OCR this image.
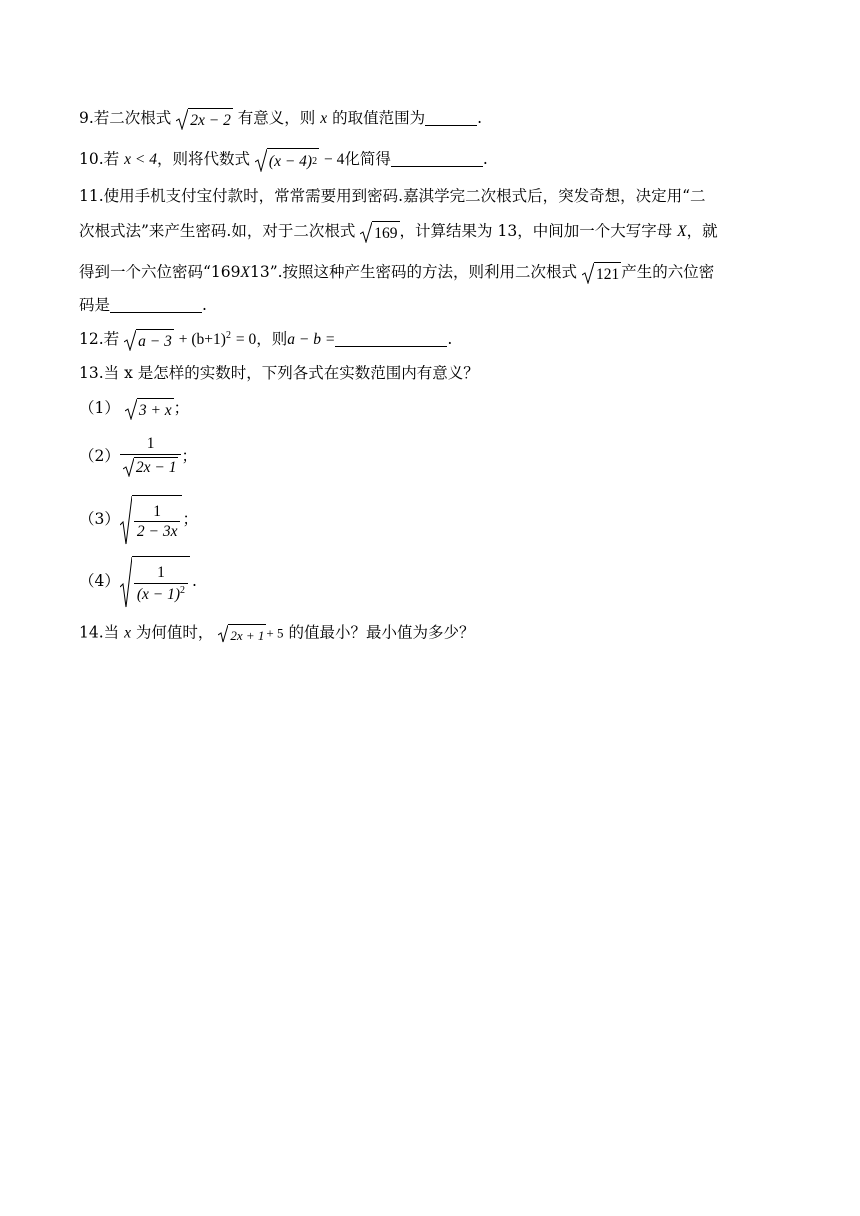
9.若二次根式 2x − 2 有意义，则 x 的取值范围为	.
10.若 x < 4，则将代数式 (x − 4) 2 − 4化简得	.
11.使用手机支付宝付款时，常常需要用到密码.嘉淇学完二次根式后，突发奇想，决定用“二
次根式法”来产生密码.如，对于二次根式 169 ，计算结果为 13，中间加一个大写字母 X，就
得到一个六位密码“169X13”.按照这种产生密码的方法，则利用二次根式 121 产生的六位密
码是	.
12.若 $a - 3 + (b+1)^2 = 0$，则a − b =	.
13.当 x 是怎样的实数时，下列各式在实数范围内有意义？
（1） 3 + x ；
$(2) \frac{1}{2x - 1}$ ；
$(3) \frac{1}{2 - 3x}$ ；
$(4) \frac{1}{(x - 1)^2}$ .
14.当 x 为何值时， 2x + 1 + 5 的值最小？最小值为多少？
